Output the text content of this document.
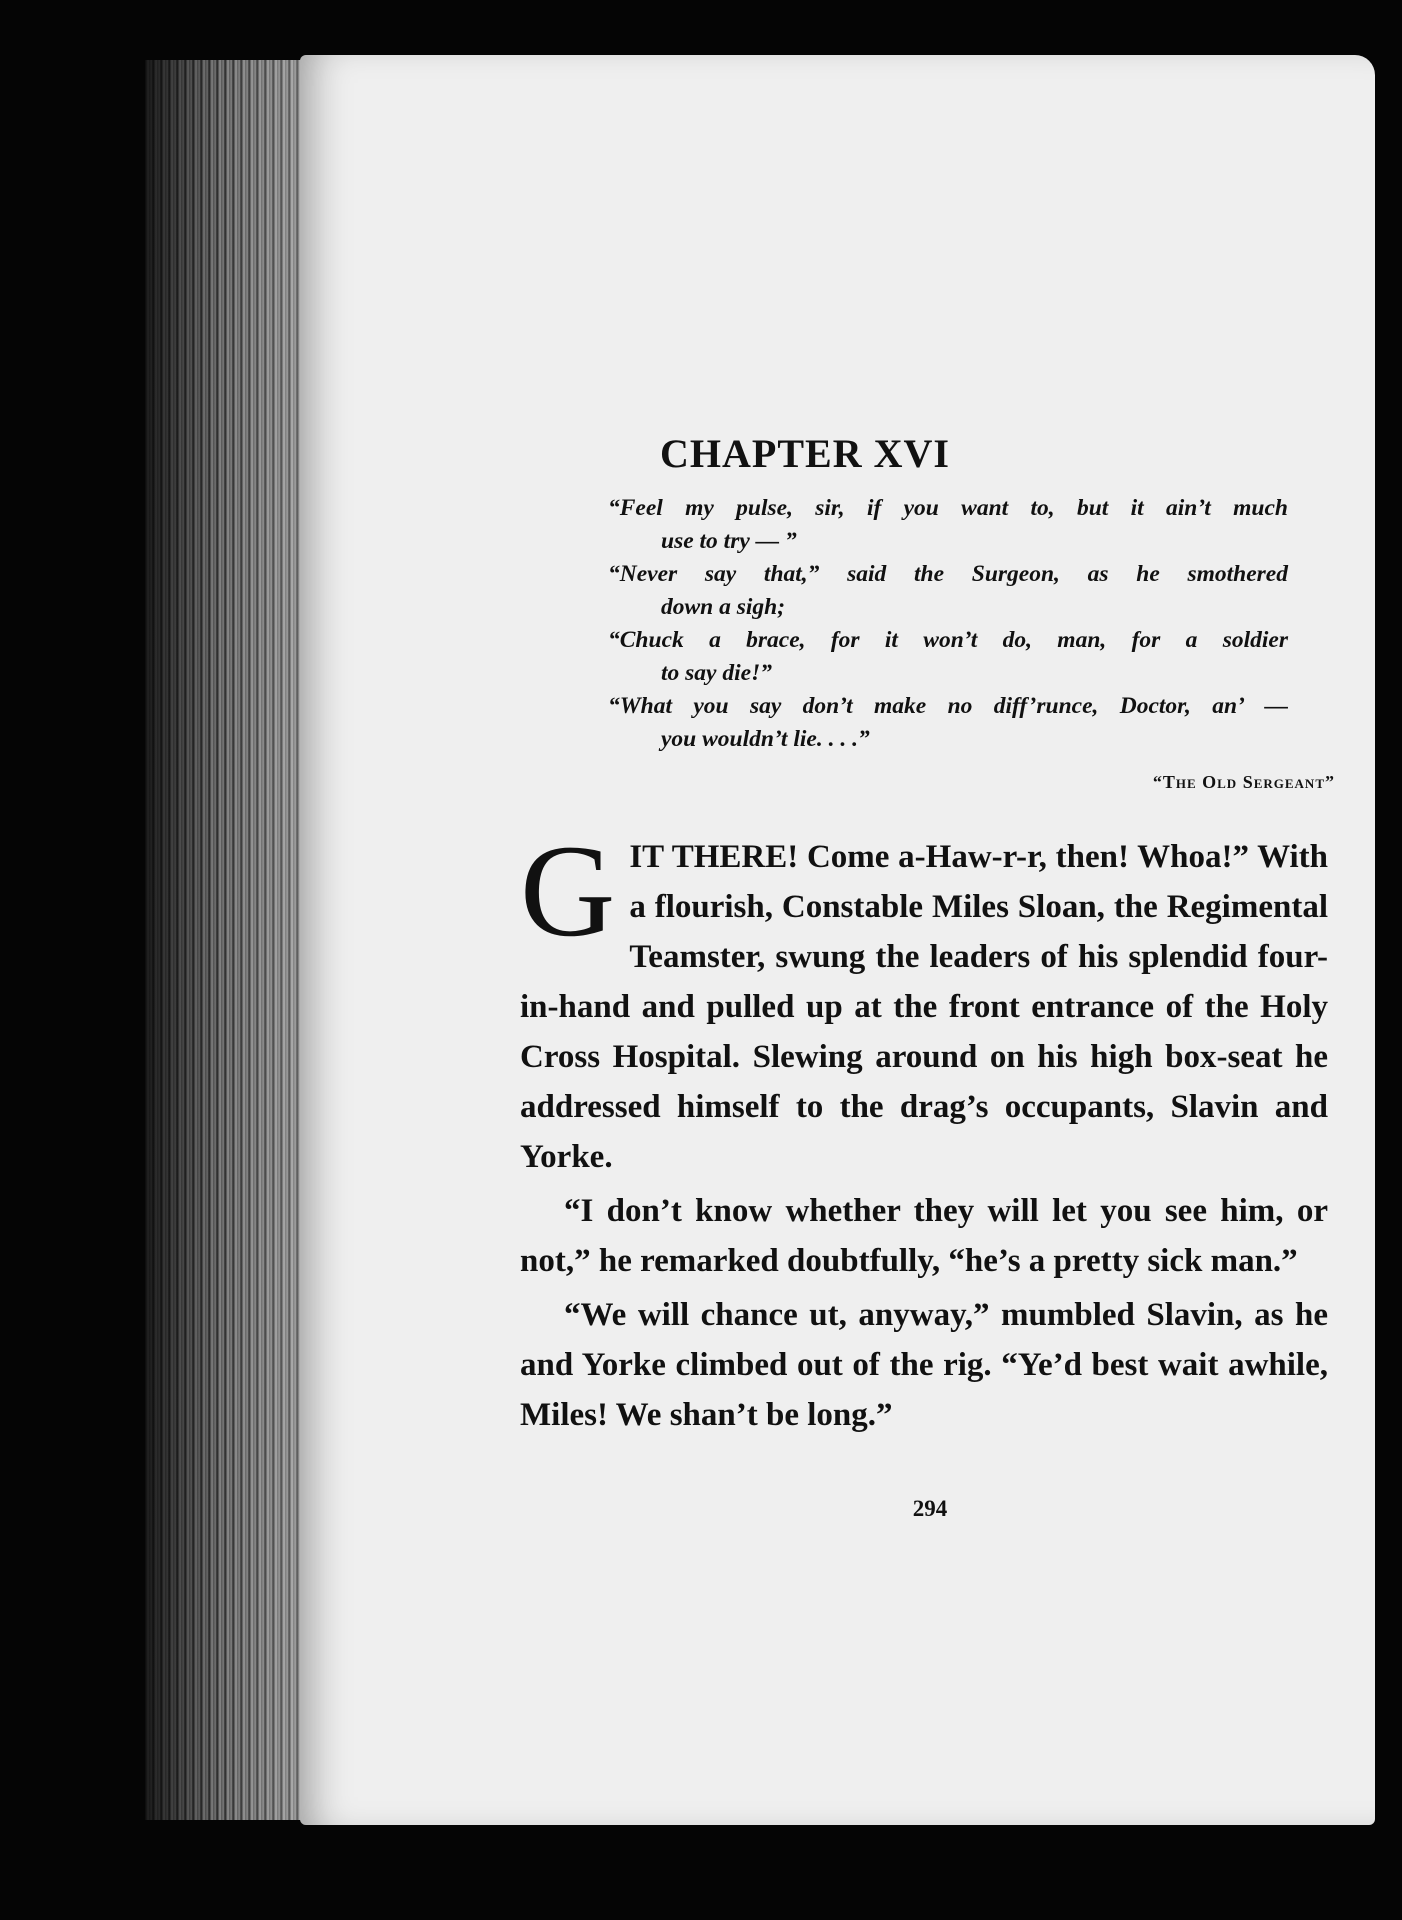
CHAPTER XVI
“Feel my pulse, sir, if you want to, but it ain’t much
use to try — ”
“Never say that,” said the Surgeon, as he smothered
down a sigh;
“Chuck a brace, for it won’t do, man, for a soldier
to say die!”
“What you say don’t make no diff’runce, Doctor, an’ —
you wouldn’t lie. . . .”
“The Old Sergeant”

G IT THERE! Come a-Haw-r-r, then! Whoa!” With a flourish, Constable Miles Sloan, the Regimental Teamster, swung the leaders of his splendid four-in-hand and pulled up at the front entrance of the Holy Cross Hospital. Slewing around on his high box-seat he addressed himself to the drag’s occupants, Slavin and Yorke.

“I don’t know whether they will let you see him, or not,” he remarked doubtfully, “he’s a pretty sick man.”

“We will chance ut, anyway,” mumbled Slavin, as he and Yorke climbed out of the rig. “Ye’d best wait awhile, Miles! We shan’t be long.”

294
